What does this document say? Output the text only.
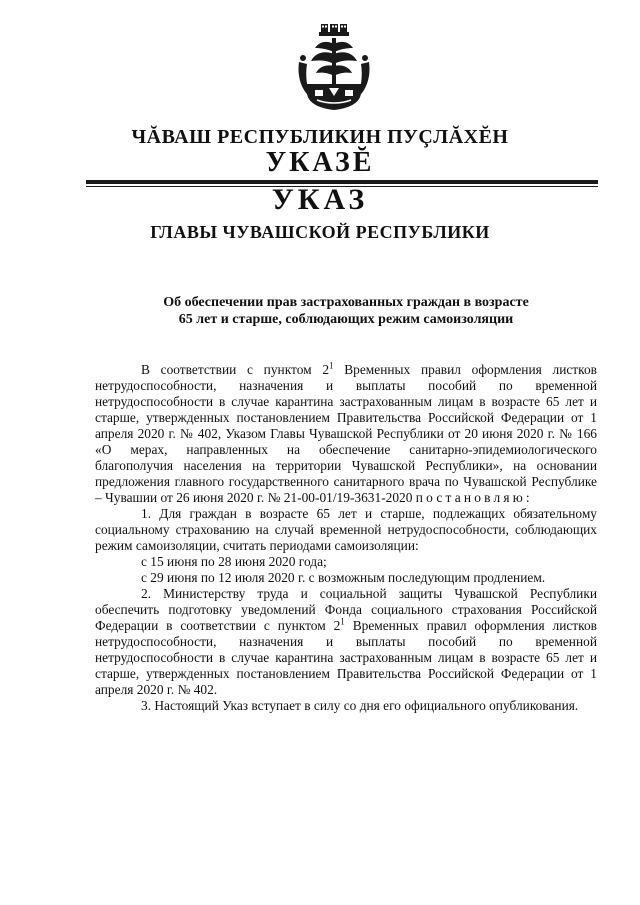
ЧĂВАШ РЕСПУБЛИКИН ПУÇЛĂХĔН
УКАЗĔ
УКАЗ
ГЛАВЫ ЧУВАШСКОЙ РЕСПУБЛИКИ
Об обеспечении прав застрахованных граждан в возрасте
65 лет и старше, соблюдающих режим самоизоляции

В соответствии с пунктом $2^1$ Временных правил оформления листков нетрудоспособности, назначения и выплаты пособий по временной нетрудоспособности в случае карантина застрахованным лицам в возрасте 65 лет и старше, утвержденных постановлением Правительства Российской Федерации от 1 апреля 2020 г. № 402, Указом Главы Чувашской Республики от 20 июня 2020 г. № 166 «О мерах, направленных на обеспечение санитарно-эпидемиологического благополучия населения на территории Чувашской Республики», на основании предложения главного государственного санитарного врача по Чувашской Республике – Чувашии от 26 июня 2020 г. № 21-00-01/19-3631-2020 постановляю:

1. Для граждан в возрасте 65 лет и старше, подлежащих обязательному социальному страхованию на случай временной нетрудоспособности, соблюдающих режим самоизоляции, считать периодами самоизоляции:

с 15 июня по 28 июня 2020 года;

с 29 июня по 12 июля 2020 г. с возможным последующим продлением.

2. Министерству труда и социальной защиты Чувашской Республики обеспечить подготовку уведомлений Фонда социального страхования Российской Федерации в соответствии с пунктом $2^1$ Временных правил оформления листков нетрудоспособности, назначения и выплаты пособий по временной нетрудоспособности в случае карантина застрахованным лицам в возрасте 65 лет и старше, утвержденных постановлением Правительства Российской Федерации от 1 апреля 2020 г. № 402.

3. Настоящий Указ вступает в силу со дня его официального опубликования.
